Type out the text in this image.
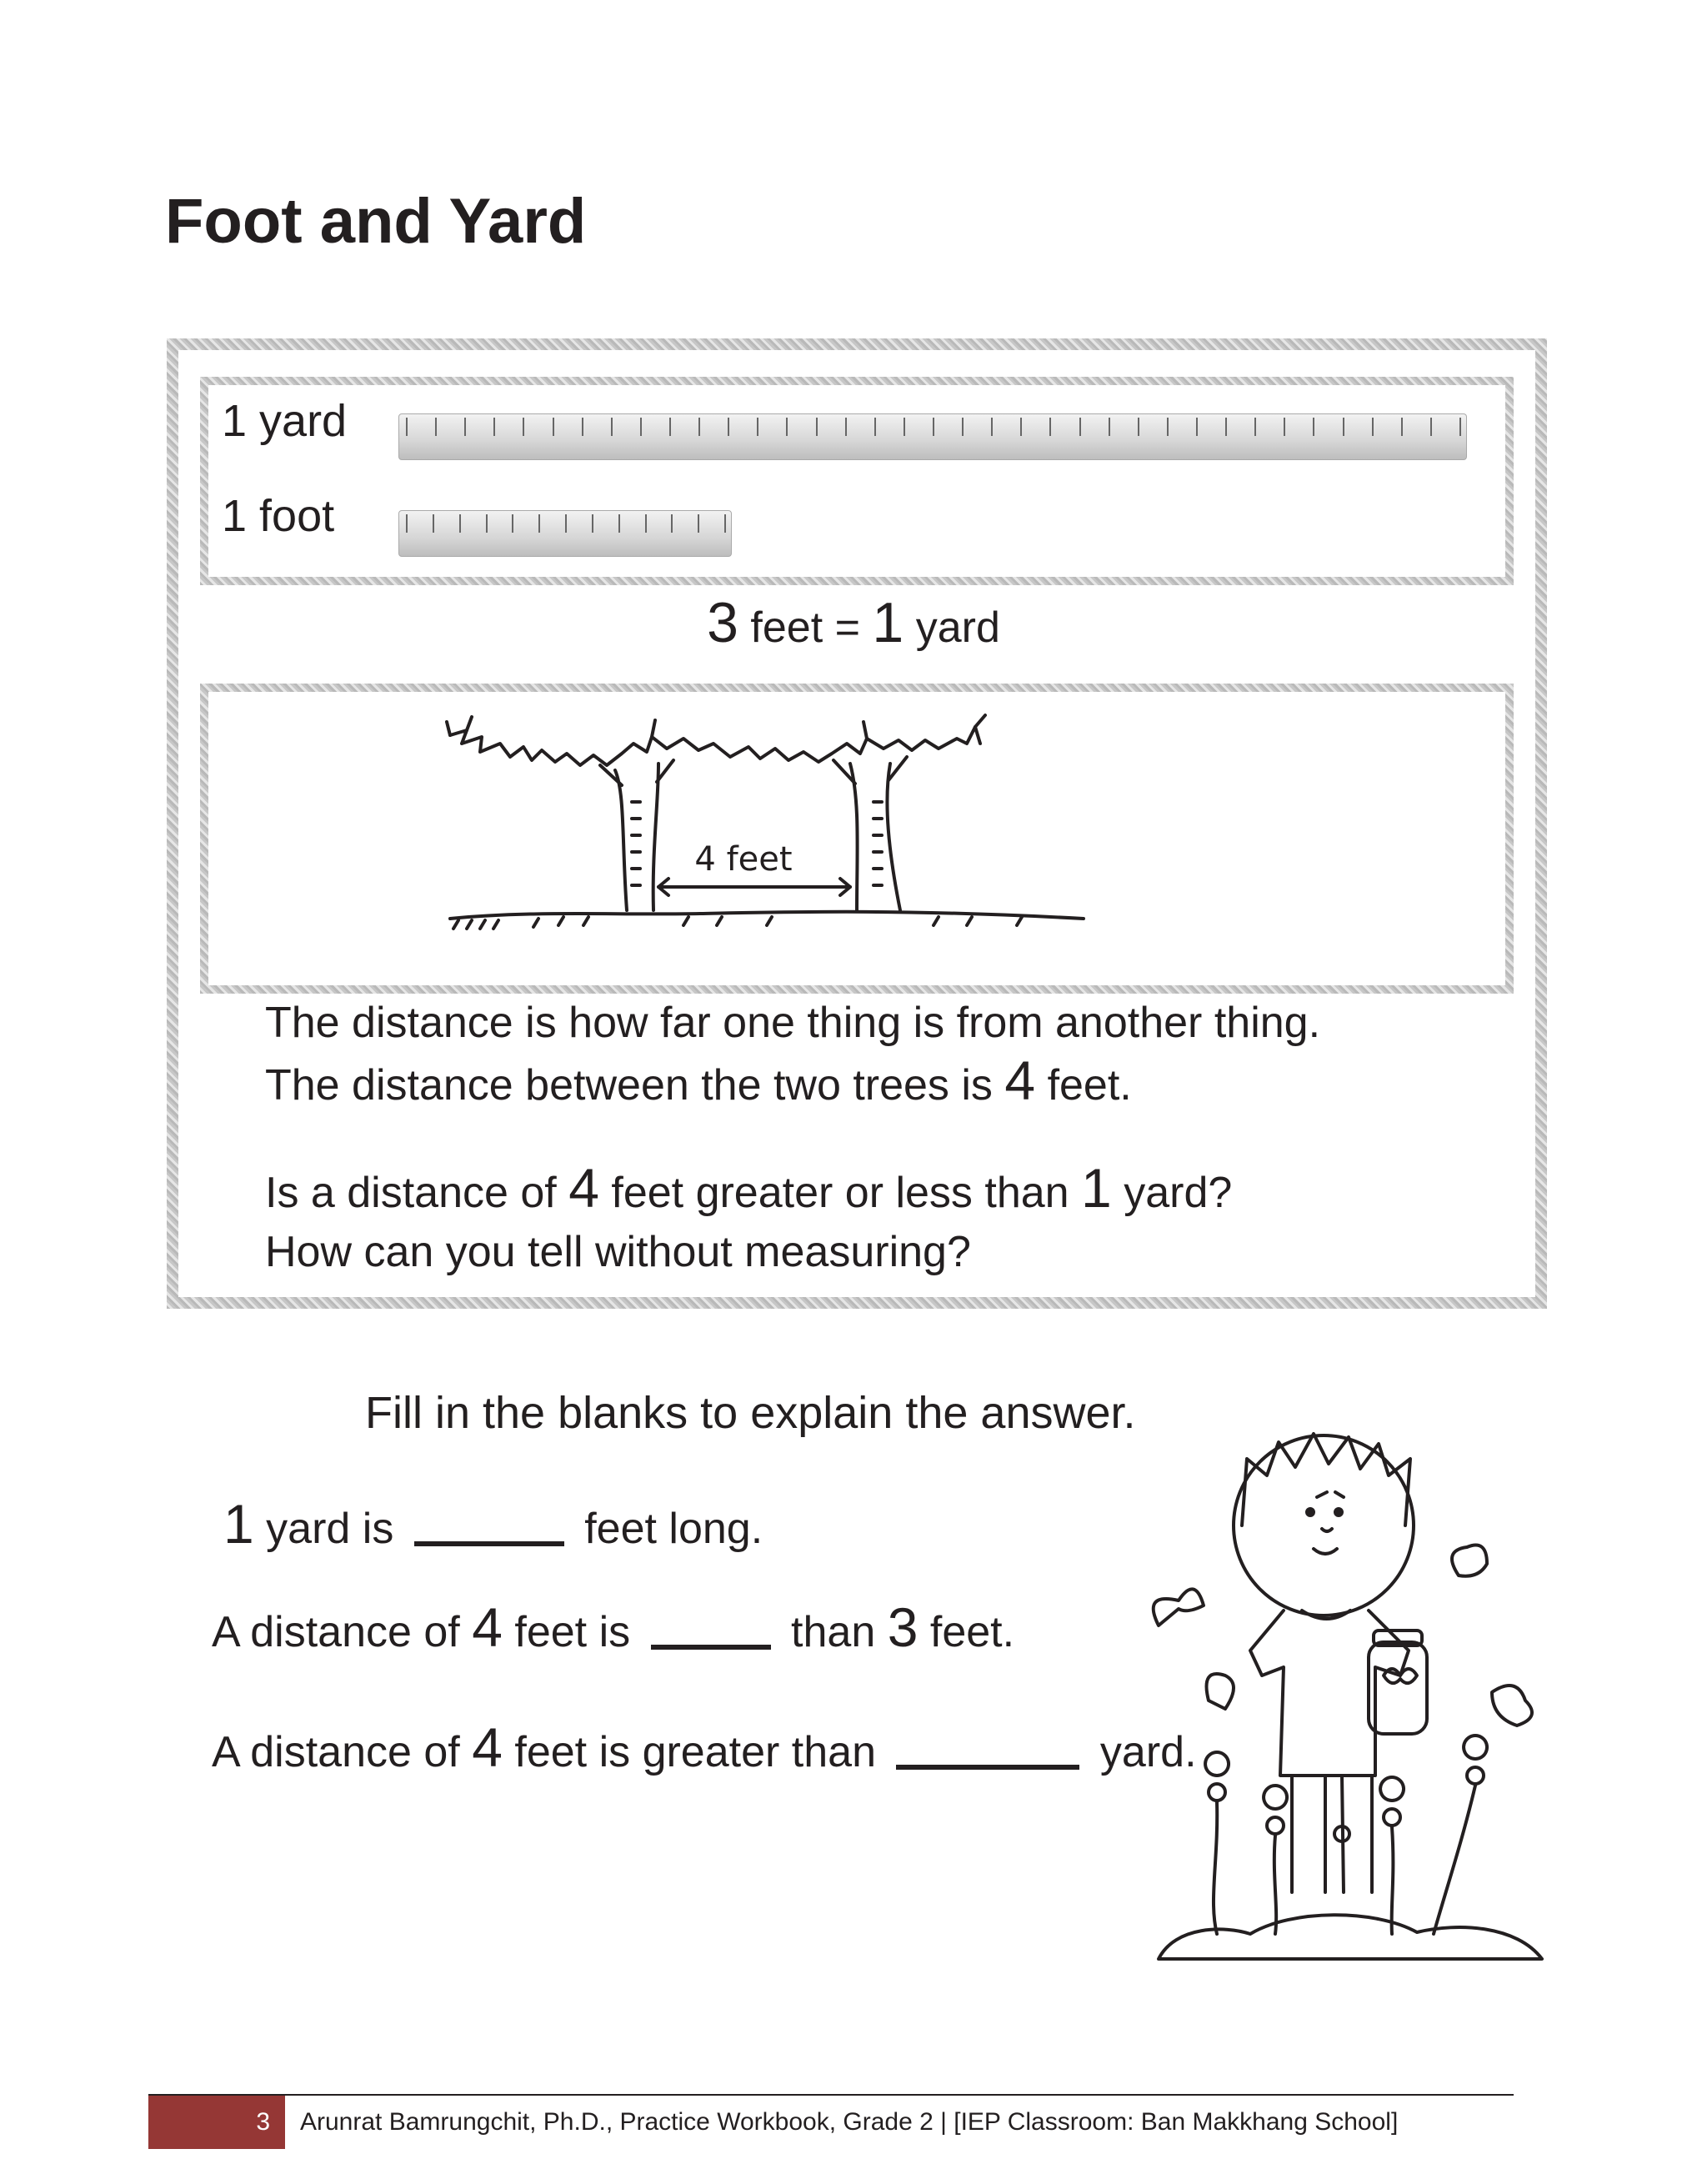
Foot and Yard
1 yard
1 foot
3 feet = 1 yard
4 feet
The distance is how far one thing is from another thing.
The distance between the two trees is 4 feet.
Is a distance of 4 feet greater or less than 1 yard?
How can you tell without measuring?
Fill in the blanks to explain the answer.
1 yard is	feet long.
A distance of 4 feet is	than 3 feet.
A distance of 4 feet is greater than	yard.
3	Arunrat Bamrungchit, Ph.D., Practice Workbook, Grade 2 | [IEP Classroom: Ban Makkhang School]
